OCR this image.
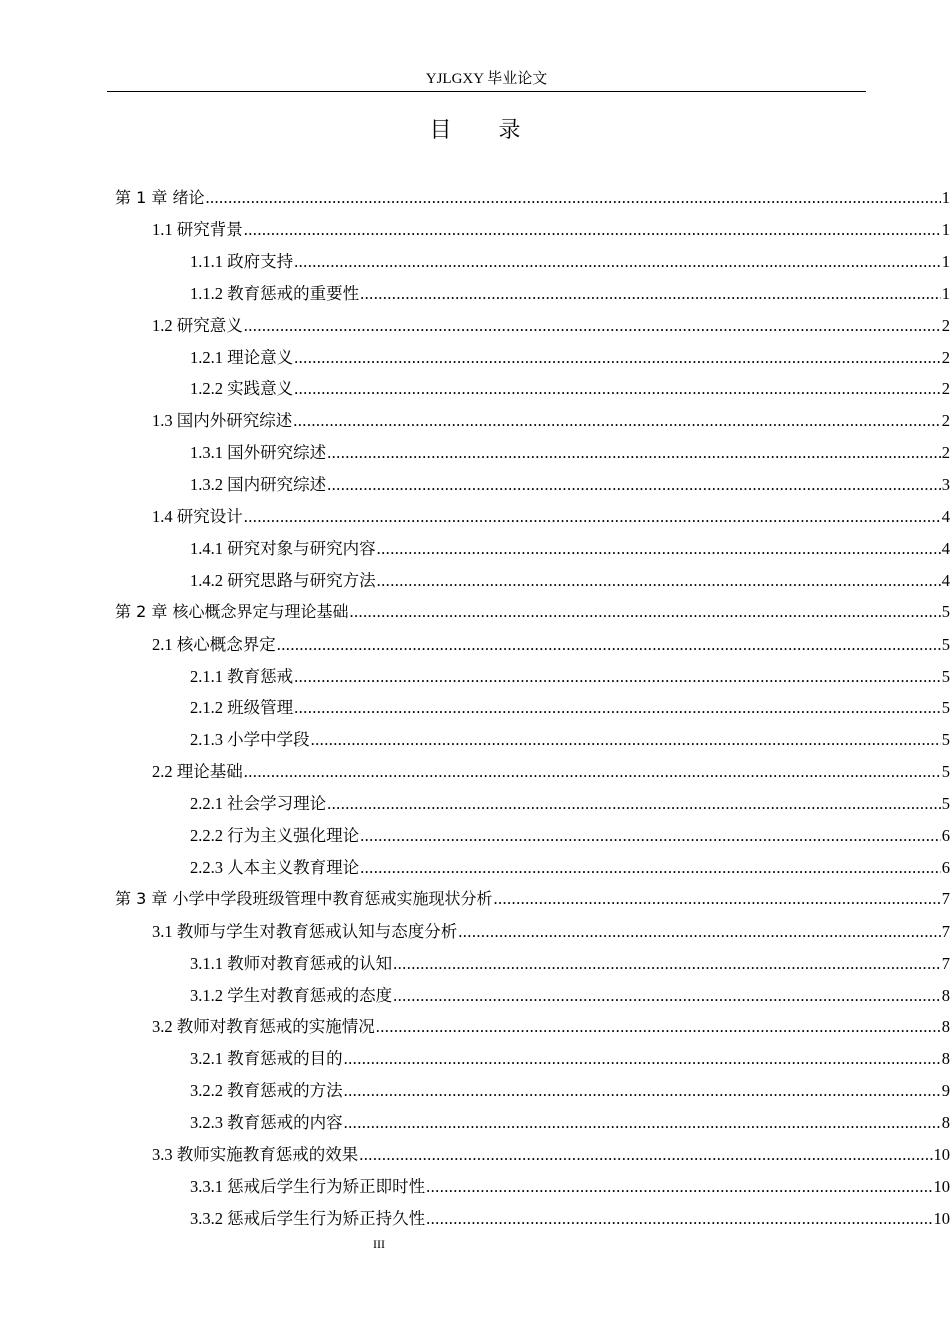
YJLGXY 毕业论文
目 录
第 1 章 绪论 .....	1
1.1 研究背景 .....	1
1.1.1 政府支持 .....	1
1.1.2 教育惩戒的重要性 .....	1
1.2 研究意义 .....	2
1.2.1 理论意义 .....	2
1.2.2 实践意义 .....	2
1.3 国内外研究综述 .....	2
1.3.1 国外研究综述 .....	2
1.3.2 国内研究综述 .....	3
1.4 研究设计 .....	4
1.4.1 研究对象与研究内容 .....	4
1.4.2 研究思路与研究方法 .....	4
第 2 章 核心概念界定与理论基础 .....	5
2.1 核心概念界定 .....	5
2.1.1 教育惩戒 .....	5
2.1.2 班级管理 .....	5
2.1.3 小学中学段 .....	5
2.2 理论基础 .....	5
2.2.1 社会学习理论 .....	5
2.2.2 行为主义强化理论 .....	6
2.2.3 人本主义教育理论 .....	6
第 3 章 小学中学段班级管理中教育惩戒实施现状分析 .....	7
3.1 教师与学生对教育惩戒认知与态度分析 .....	7
3.1.1 教师对教育惩戒的认知 .....	7
3.1.2 学生对教育惩戒的态度 .....	8
3.2 教师对教育惩戒的实施情况 .....	8
3.2.1 教育惩戒的目的 .....	8
3.2.2 教育惩戒的方法 .....	9
3.2.3 教育惩戒的内容 .....	8
3.3 教师实施教育惩戒的效果 .....	10
3.3.1 惩戒后学生行为矫正即时性 .....	10
3.3.2 惩戒后学生行为矫正持久性 .....	10
III
